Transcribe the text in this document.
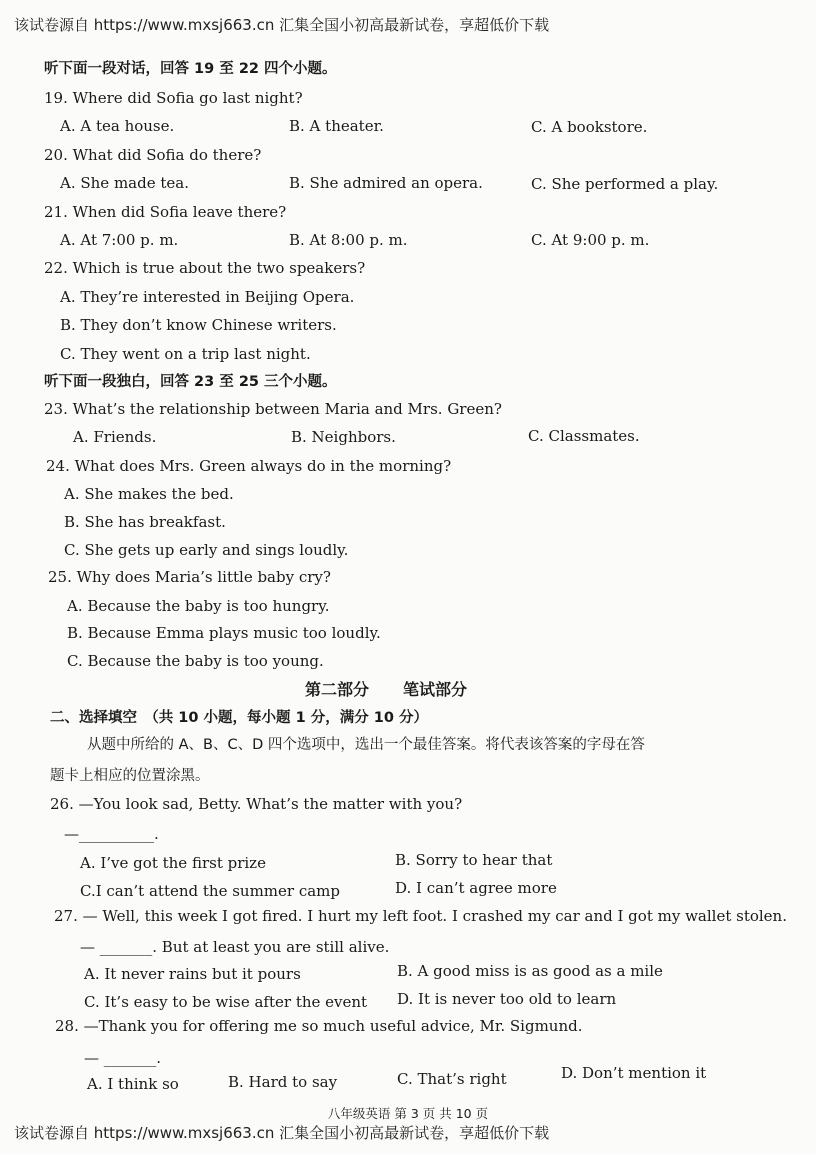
该试卷源自 https://www.mxsj663.cn 汇集全国小初高最新试卷，享超低价下载
听下面一段对话，回答 19 至 22 四个小题。
19. Where did Sofia go last night?
A. A tea house.	B. A theater.	C. A bookstore.
20. What did Sofia do there?
A. She made tea.	B. She admired an opera.	C. She performed a play.
21. When did Sofia leave there?
A. At 7:00 p. m.	B. At 8:00 p. m.	C. At 9:00 p. m.
22. Which is true about the two speakers?
A. They’re interested in Beijing Opera.
B. They don’t know Chinese writers.
C. They went on a trip last night.
听下面一段独白，回答 23 至 25 三个小题。
23. What’s the relationship between Maria and Mrs. Green?
A. Friends.	B. Neighbors.	C. Classmates.
24. What does Mrs. Green always do in the morning?
A. She makes the bed.
B. She has breakfast.
C. She gets up early and sings loudly.
25. Why does Maria’s little baby cry?
A. Because the baby is too hungry.
B. Because Emma plays music too loudly.
C. Because the baby is too young.
第二部分 笔试部分
二、选择填空　（共 10 小题，每小题 1 分，满分 10 分）
从题中所给的 A、B、C、D 四个选项中，选出一个最佳答案。将代表该答案的字母在答
题卡上相应的位置涂黑。
26. —You look sad, Betty. What’s the matter with you?
—__________.
A. I’ve got the first prize	B. Sorry to hear that
C.I can’t attend the summer camp	D. I can’t agree more
27. — Well, this week I got fired. I hurt my left foot. I crashed my car and I got my wallet stolen.
— _______. But at least you are still alive.
A. It never rains but it pours	B. A good miss is as good as a mile
C. It’s easy to be wise after the event D. It is never too old to learn
28. —Thank you for offering me so much useful advice, Mr. Sigmund.
— _______.
A. I think so	B. Hard to say	C. That’s right	D. Don’t mention it
八年级英语 第 3 页 共 10 页
该试卷源自 https://www.mxsj663.cn 汇集全国小初高最新试卷，享超低价下载
